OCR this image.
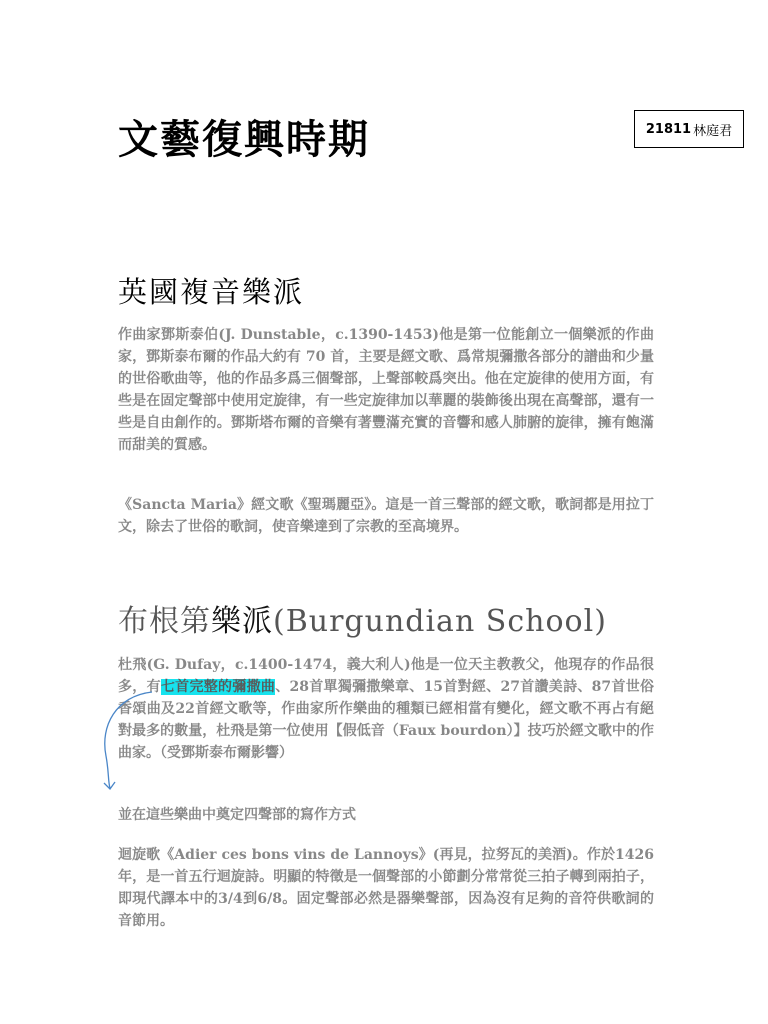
文藝復興時期	21811 林庭君
英國複音樂派
作曲家鄧斯泰伯(J. Dunstable，c.1390-1453)他是第一位能創立一個樂派的作曲家，鄧斯泰布爾的作品大約有 70 首，主要是經文歌、爲常規彌撒各部分的譜曲和少量的世俗歌曲等，他的作品多爲三個聲部，上聲部較爲突出。他在定旋律的使用方面，有些是在固定聲部中使用定旋律，有一些定旋律加以華麗的裝飾後出現在高聲部，還有一些是自由創作的。鄧斯塔布爾的音樂有著豐滿充實的音響和感人肺腑的旋律，擁有飽滿而甜美的質感。
《Sancta Maria》經文歌《聖瑪麗亞》。這是一首三聲部的經文歌，歌詞都是用拉丁文，除去了世俗的歌詞，使音樂達到了宗教的至高境界。
布根第樂派(Burgundian School)
杜飛(G. Dufay，c.1400-1474，義大利人)他是一位天主教教父，他現存的作品很多，有七首完整的彌撒曲、28首單獨彌撒樂章、15首對經、27首讚美詩、87首世俗香頌曲及22首經文歌等，作曲家所作樂曲的種類已經相當有變化，經文歌不再占有絕對最多的數量，杜飛是第一位使用【假低音（Faux bourdon）】技巧於經文歌中的作曲家。（受鄧斯泰布爾影響）
並在這些樂曲中奠定四聲部的寫作方式
迴旋歌《Adier ces bons vins de Lannoys》(再見，拉努瓦的美酒)。作於1426年，是一首五行迴旋詩。明顯的特徵是一個聲部的小節劃分常常從三拍子轉到兩拍子，即現代譯本中的3/4到6/8。固定聲部必然是器樂聲部，因為沒有足夠的音符供歌詞的音節用。
